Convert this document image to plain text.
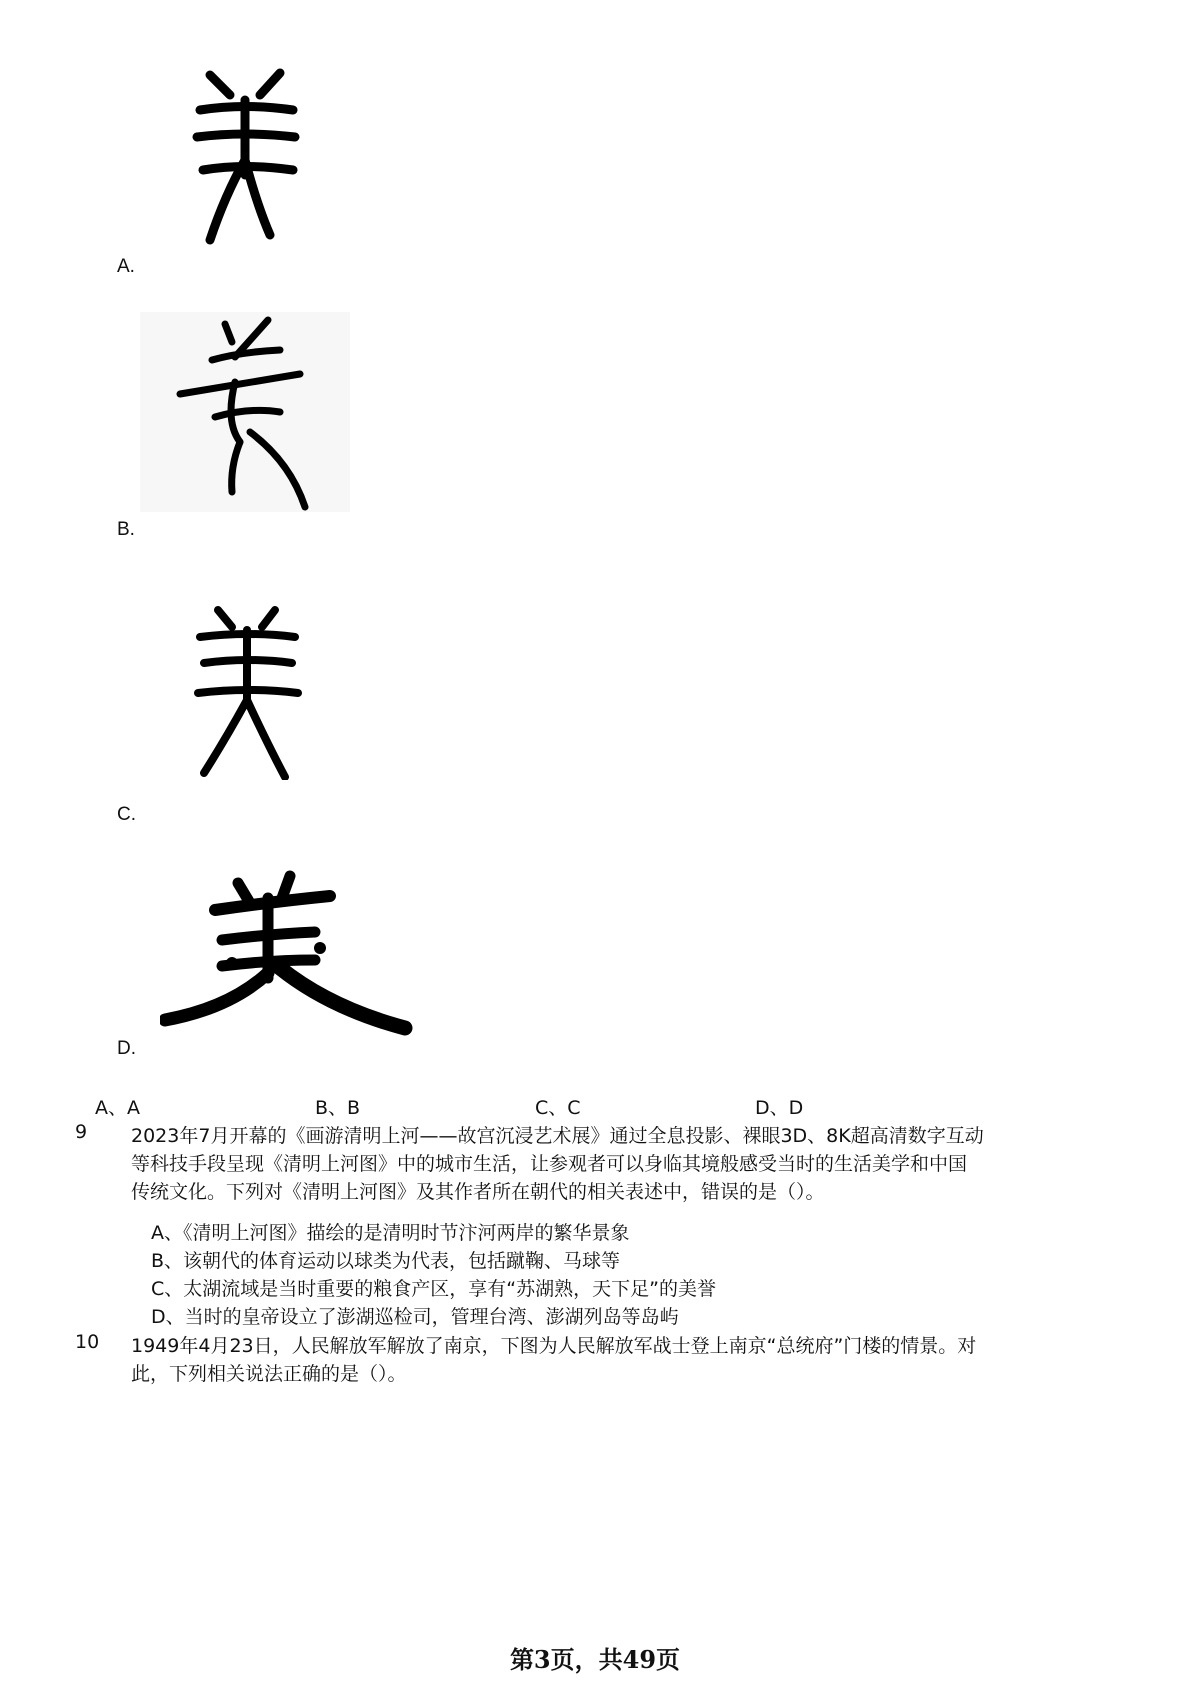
A.
B.
C.
D.
A、A	B、B	C、C	D、D
9 2023年7月开幕的《画游清明上河——故宫沉浸艺术展》通过全息投影、裸眼3D、8K超高清数字互动
等科技手段呈现《清明上河图》中的城市生活，让参观者可以身临其境般感受当时的生活美学和中国
传统文化。下列对《清明上河图》及其作者所在朝代的相关表述中，错误的是（）。
A、《清明上河图》描绘的是清明时节汴河两岸的繁华景象
B、该朝代的体育运动以球类为代表，包括蹴鞠、马球等
C、太湖流域是当时重要的粮食产区，享有“苏湖熟，天下足”的美誉
D、当时的皇帝设立了澎湖巡检司，管理台湾、澎湖列岛等岛屿
10 1949年4月23日，人民解放军解放了南京，下图为人民解放军战士登上南京“总统府”门楼的情景。对
此，下列相关说法正确的是（）。
第3页，共49页
